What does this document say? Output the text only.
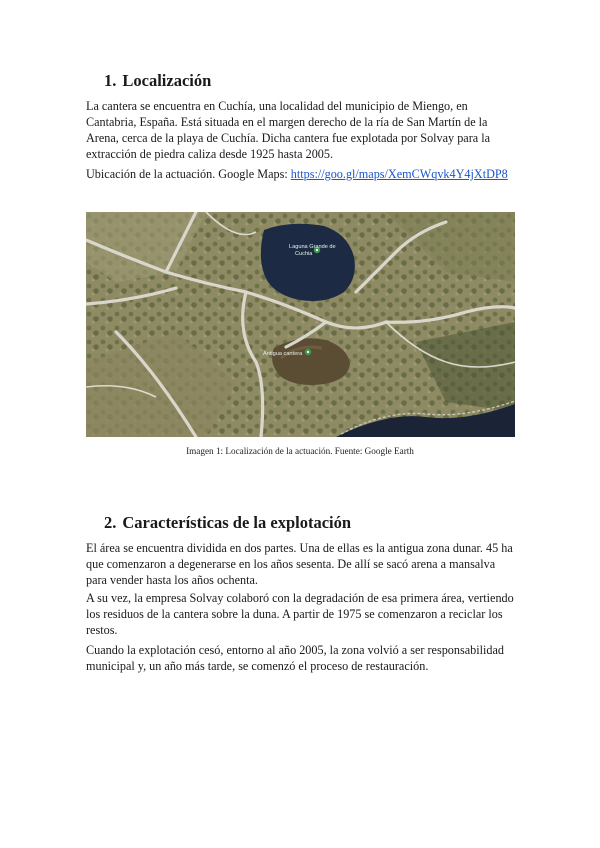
1. Localización

La cantera se encuentra en Cuchía, una localidad del municipio de Miengo, en
Cantabria, España. Está situada en el margen derecho de la ría de San Martín de la
Arena, cerca de la playa de Cuchía. Dicha cantera fue explotada por Solvay para la
extracción de piedra caliza desde 1925 hasta 2005.

Ubicación de la actuación. Google Maps: https://goo.gl/maps/XemCWqvk4Y4jXtDP8

Laguna Grande de
Cuchia
Antigua cantera
Imagen 1: Localización de la actuación. Fuente: Google Earth
2. Características de la explotación

El área se encuentra dividida en dos partes. Una de ellas es la antigua zona dunar. 45 ha
que comenzaron a degenerarse en los años sesenta. De allí se sacó arena a mansalva
para vender hasta los años ochenta.

A su vez, la empresa Solvay colaboró con la degradación de esa primera área, vertiendo
los residuos de la cantera sobre la duna. A partir de 1975 se comenzaron a reciclar los
restos.

Cuando la explotación cesó, entorno al año 2005, la zona volvió a ser responsabilidad
municipal y, un año más tarde, se comenzó el proceso de restauración.
